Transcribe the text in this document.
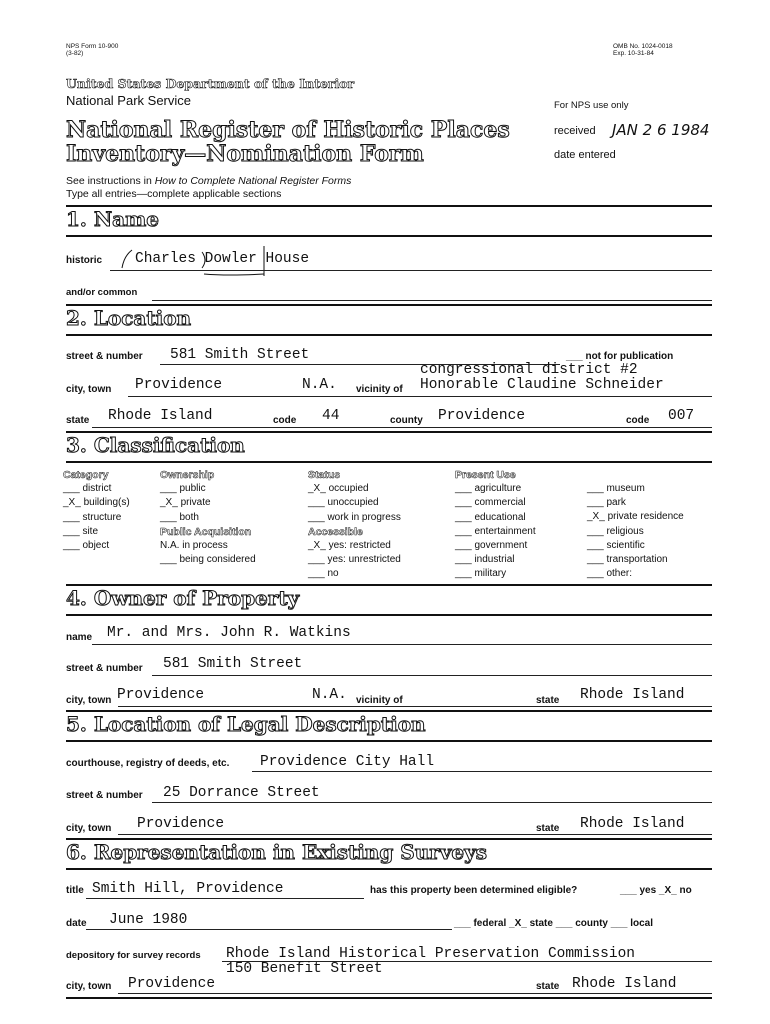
NPS Form 10-900
(3-82)
OMB No. 1024-0018
Exp. 10-31-84
United States Department of the Interior
National Park Service	For NPS use only
National Register of Historic Places
Inventory—Nomination Form
received JAN 2 6 1984
date entered
See instructions in How to Complete National Register Forms
Type all entries—complete applicable sections
1. Name
historic Charles Dowler House
and/or common
2. Location
street & number 581 Smith Street	___ not for publication
congressional district #2
city, town Providence	N.A. vicinity of Honorable Claudine Schneider
state Rhode Island	code 44	county Providence	code 007
3. Classification
Category
___ district
_X_ building(s)
___ structure
___ site
___ object
Ownership
___ public
_X_ private
___ both
Public Acquisition
N.A. in process
___ being considered
Status
_X_ occupied
___ unoccupied
___ work in progress
Accessible
_X_ yes: restricted
___ yes: unrestricted
___ no
Present Use
___ agriculture
___ commercial
___ educational
___ entertainment
___ government
___ industrial
___ military
___ museum
___ park
_X_ private residence
___ religious
___ scientific
___ transportation
___ other:
4. Owner of Property
name Mr. and Mrs. John R. Watkins
street & number 581 Smith Street
city, town Providence	N.A. vicinity of	state Rhode Island
5. Location of Legal Description
courthouse, registry of deeds, etc. Providence City Hall
street & number 25 Dorrance Street
city, town Providence	state Rhode Island
6. Representation in Existing Surveys
title Smith Hill, Providence	has this property been determined eligible?	___ yes _X_ no
date June 1980	___ federal _X_ state ___ county ___ local
depository for survey records Rhode Island Historical Preservation Commission
150 Benefit Street
city, town Providence	state Rhode Island
